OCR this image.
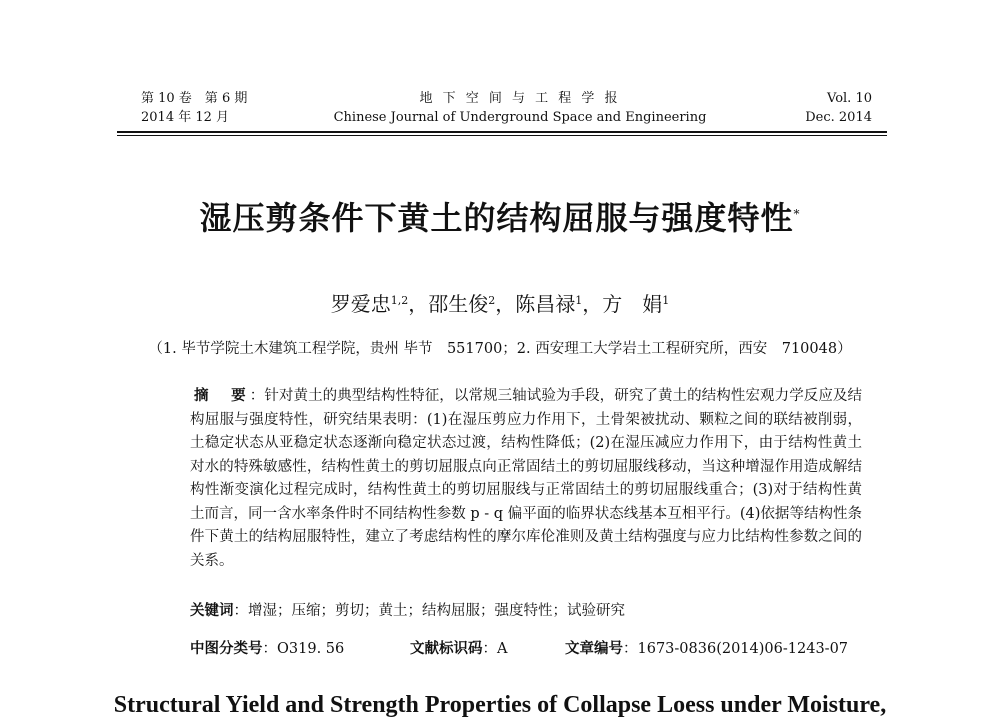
第 10 卷　第 6 期
2014 年 12 月
地 下 空 间 与 工 程 学 报
Chinese Journal of Underground Space and Engineering
Vol. 10
Dec. 2014
湿压剪条件下黄土的结构屈服与强度特性*
罗爱忠$^{1,2}$，邵生俊$^2$，陈昌禄$^1$，方　娟$^1$
（1. 毕节学院土木建筑工程学院，贵州 毕节　551700；2. 西安理工大学岩土工程研究所，西安　710048）
摘　要：针对黄土的典型结构性特征，以常规三轴试验为手段，研究了黄土的结构性宏观力学反应及结构屈服与强度特性，研究结果表明：(1)在湿压剪应力作用下，土骨架被扰动、颗粒之间的联结被削弱，土稳定状态从亚稳定状态逐渐向稳定状态过渡，结构性降低；(2)在湿压减应力作用下，由于结构性黄土对水的特殊敏感性，结构性黄土的剪切屈服点向正常固结土的剪切屈服线移动，当这种增湿作用造成解结构性渐变演化过程完成时，结构性黄土的剪切屈服线与正常固结土的剪切屈服线重合；(3)对于结构性黄土而言，同一含水率条件时不同结构性参数 p - q 偏平面的临界状态线基本互相平行。(4)依据等结构性条件下黄土的结构屈服特性，建立了考虑结构性的摩尔库伦准则及黄土结构强度与应力比结构性参数之间的关系。
关键词：增湿；压缩；剪切；黄土；结构屈服；强度特性；试验研究
中图分类号：O319. 56	文献标识码：A	文章编号：1673-0836(2014)06-1243-07
Structural Yield and Strength Properties of Collapse Loess under Moisture,
